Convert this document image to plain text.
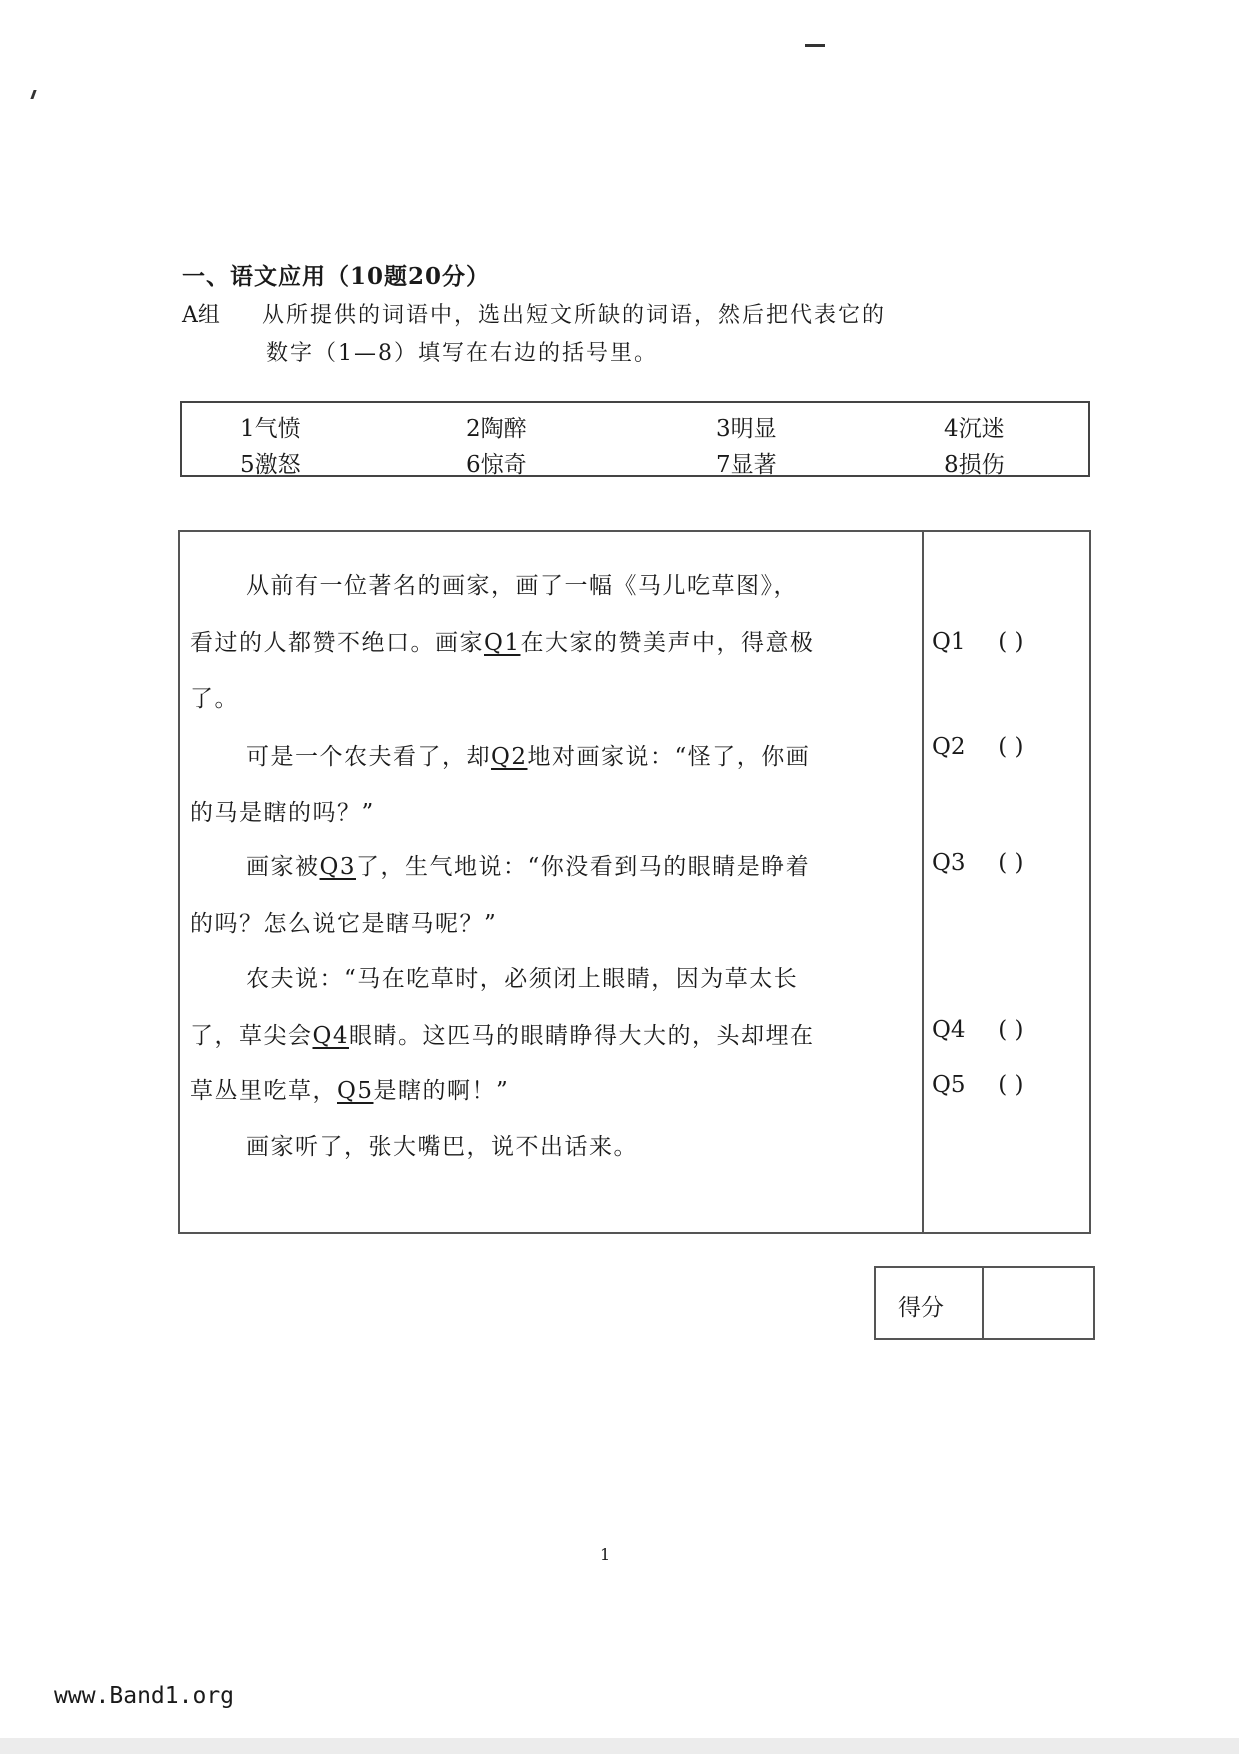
一、语文应用（10题20分）
A组 从所提供的词语中，选出短文所缺的词语，然后把代表它的
数字（1—8）填写在右边的括号里。
1气愤	2陶醉	3明显	4沉迷
5激怒	6惊奇	7显著	8损伤
从前有一位著名的画家，画了一幅《马儿吃草图》，
看过的人都赞不绝口。画家Q1在大家的赞美声中，得意极
了。
可是一个农夫看了，却Q2地对画家说：“怪了，你画
的马是瞎的吗？”
画家被Q3了，生气地说：“你没看到马的眼睛是睁着
的吗？怎么说它是瞎马呢？”
农夫说：“马在吃草时，必须闭上眼睛，因为草太长
了，草尖会Q4眼睛。这匹马的眼睛睁得大大的，头却埋在
草丛里吃草，Q5是瞎的啊！”
画家听了，张大嘴巴，说不出话来。
Q1 ( )
Q2 ( )
Q3 ( )
Q4 ( )
Q5 ( )
得分
1
www.Band1.org
